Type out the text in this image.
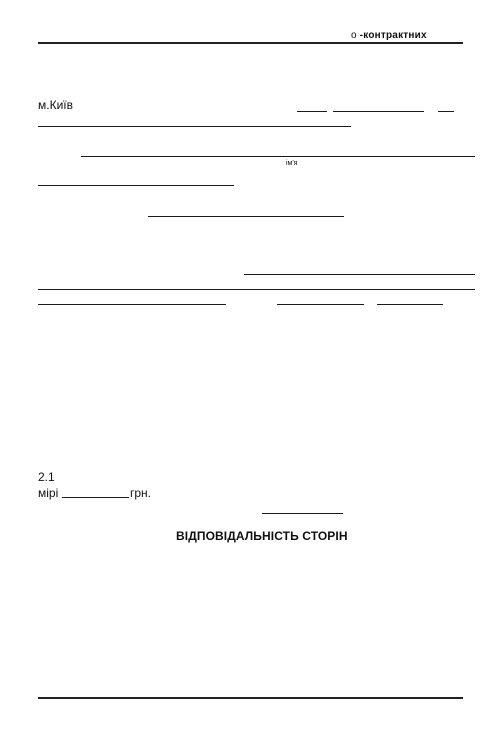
о -контрактних
м.Київ
ім'я
2.1
мірі	грн.
ВІДПОВІДАЛЬНІСТЬ СТОРІН
